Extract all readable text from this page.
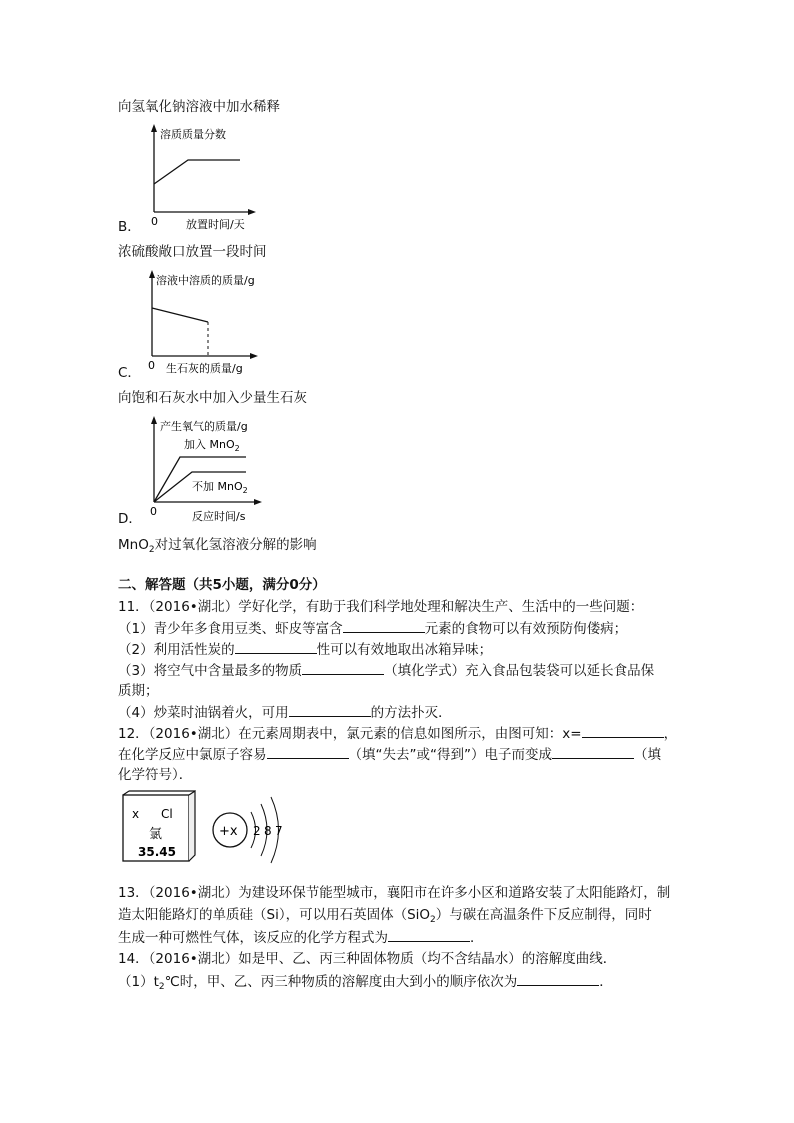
向氢氧化钠溶液中加水稀释
溶质质量分数
0	放置时间/天
B．
浓硫酸敞口放置一段时间
溶液中溶质的质量/g
0 生石灰的质量/g
C．
向饱和石灰水中加入少量生石灰
产生氧气的质量/g
加入 MnO$_2$
不加 MnO$_2$
0	反应时间/s
D．
MnO$_2$对过氧化氢溶液分解的影响
二、解答题（共5小题，满分0分）
11．（2016•湖北）学好化学，有助于我们科学地处理和解决生产、生活中的一些问题：
（1）青少年多食用豆类、虾皮等富含	元素的食物可以有效预防佝偻病；
（2）利用活性炭的	性可以有效地取出冰箱异味；
（3）将空气中含量最多的物质	（填化学式）充入食品包装袋可以延长食品保
质期；
（4）炒菜时油锅着火，可用	的方法扑灭．
12．（2016•湖北）在元素周期表中，氯元素的信息如图所示，由图可知：x=	，
在化学反应中氯原子容易	（填“失去”或“得到”）电子而变成	（填
化学符号）．
x Cl
氯
35.45
+x 2 8 7
13．（2016•湖北）为建设环保节能型城市，襄阳市在许多小区和道路安装了太阳能路灯，制
造太阳能路灯的单质硅（Si），可以用石英固体（SiO$_2$）与碳在高温条件下反应制得，同时
生成一种可燃性气体，该反应的化学方程式为	．
14．（2016•湖北）如是甲、乙、丙三种固体物质（均不含结晶水）的溶解度曲线．
$(1)t_2℃$时，甲、乙、丙三种物质的溶解度由大到小的顺序依次为	．
